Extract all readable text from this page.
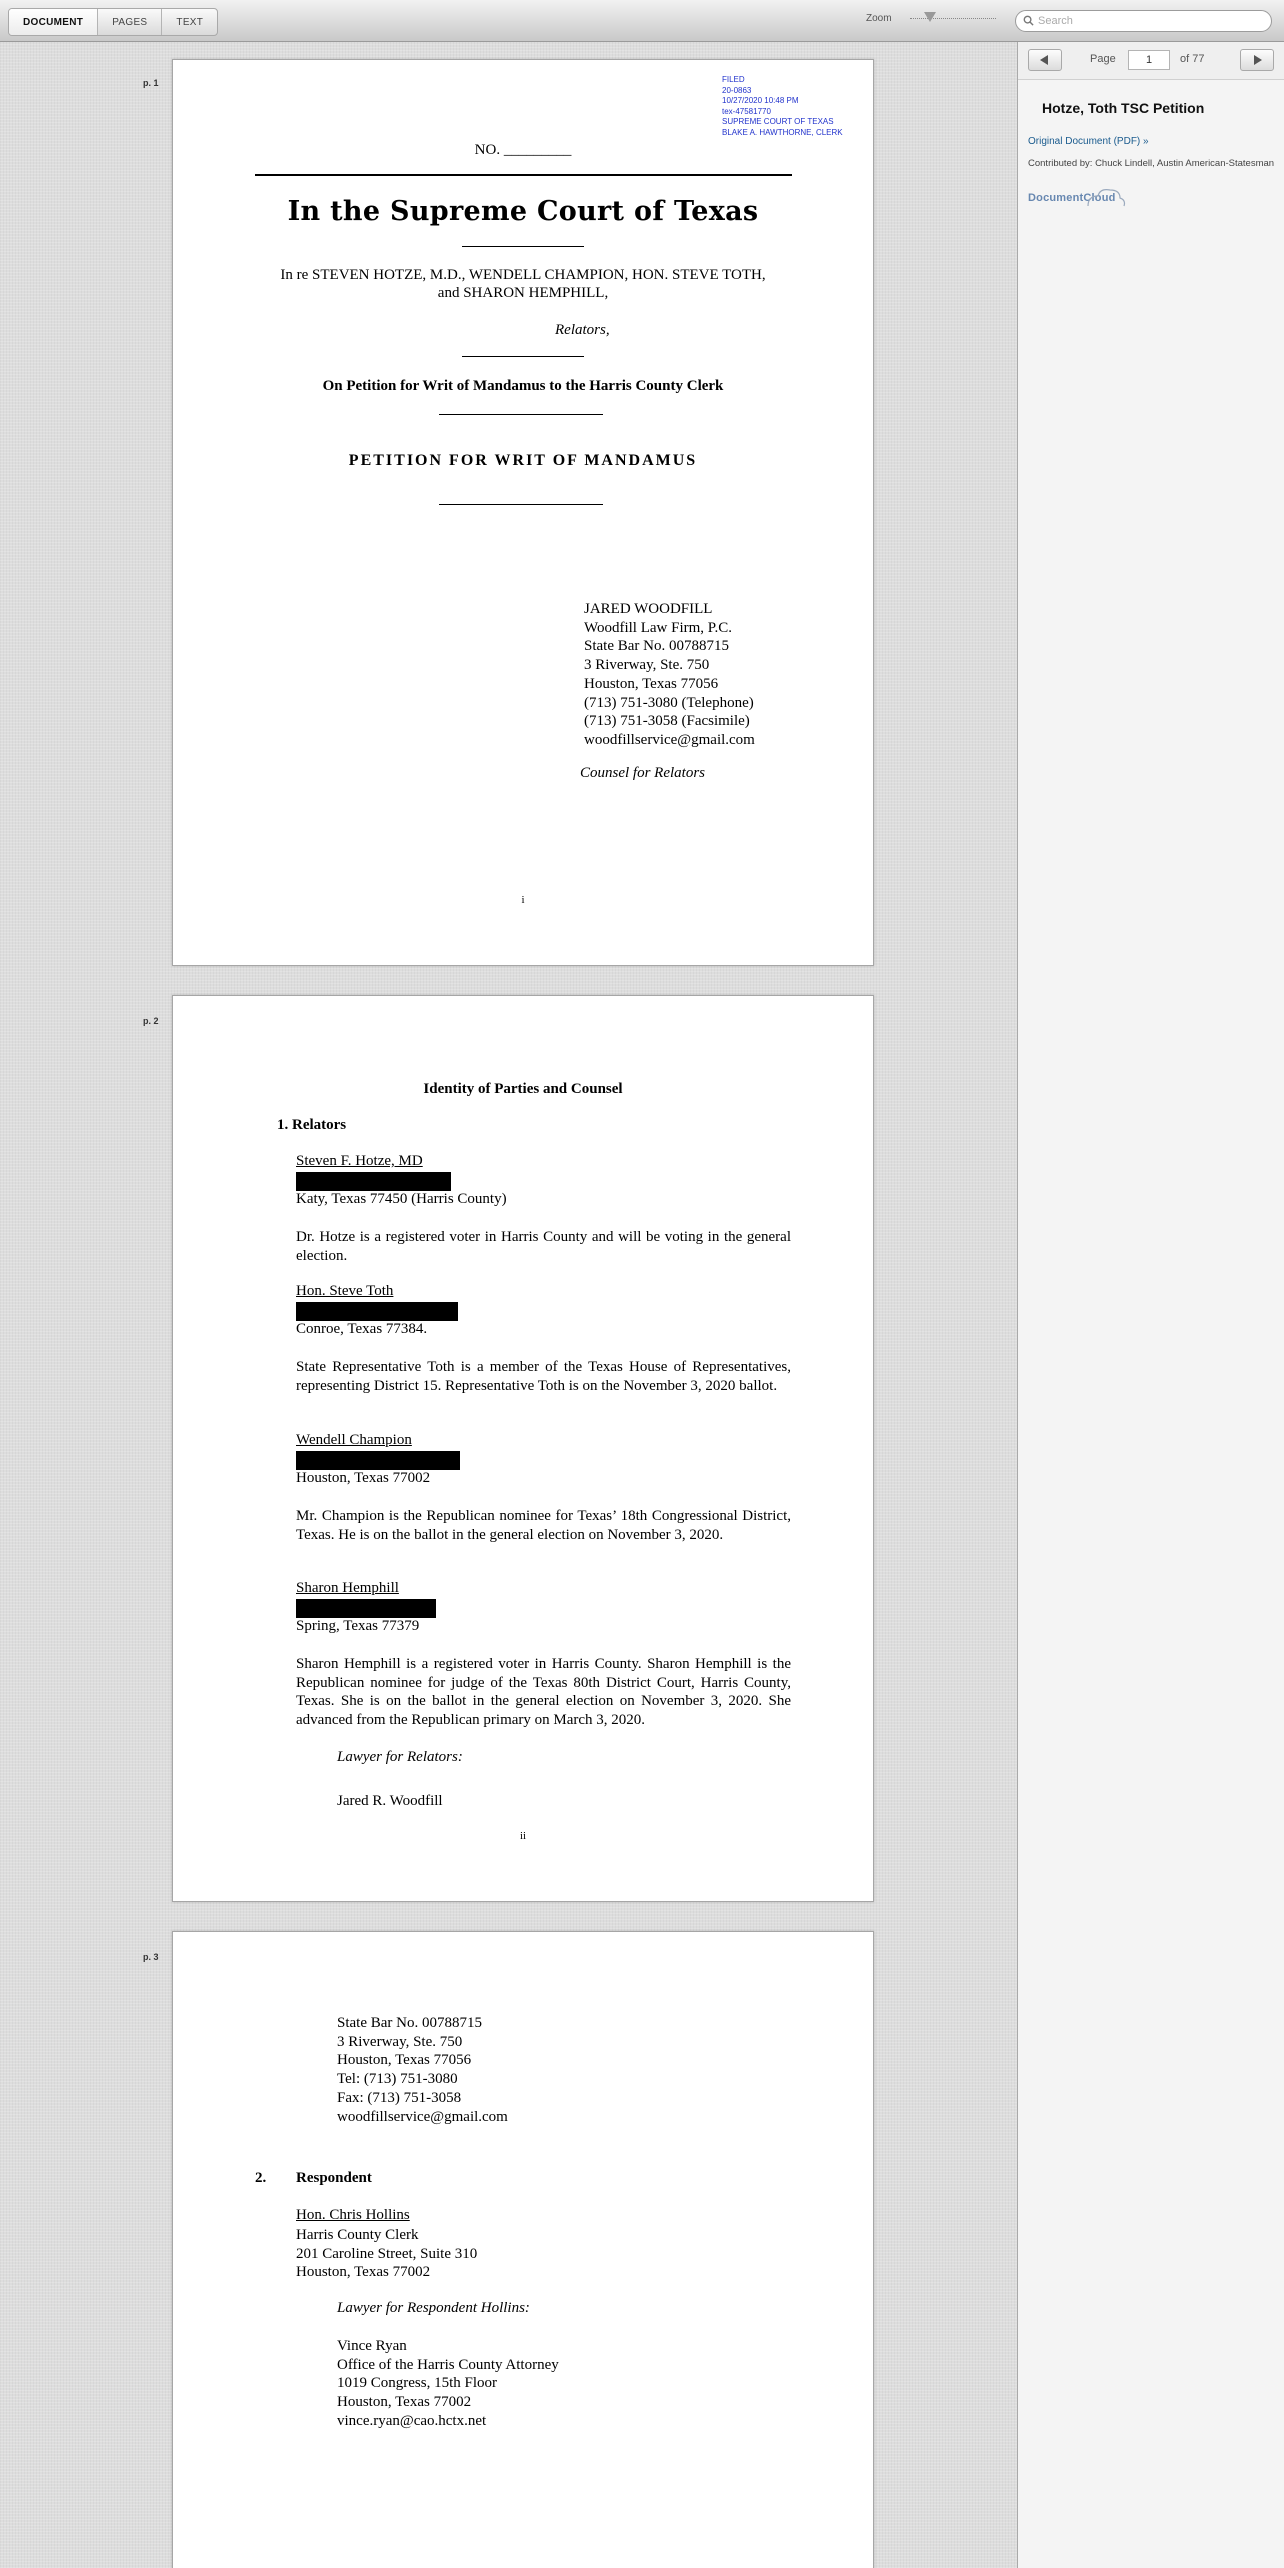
DOCUMENT	PAGES	TEXT	Zoom
Search
p. 1	FILED
20-0863
10/27/2020 10:48 PM
tex-47581770
SUPREME COURT OF TEXAS
BLAKE A. HAWTHORNE, CLERK
NO. _________
In the Supreme Court of Texas
In re STEVEN HOTZE, M.D., WENDELL CHAMPION, HON. STEVE TOTH,
and SHARON HEMPHILL,
Relators,
On Petition for Writ of Mandamus to the Harris County Clerk
PETITION FOR WRIT OF MANDAMUS
JARED WOODFILL
Woodfill Law Firm, P.C.
State Bar No. 00788715
3 Riverway, Ste. 750
Houston, Texas 77056
(713) 751-3080 (Telephone)
(713) 751-3058 (Facsimile)
woodfillservice@gmail.com
Counsel for Relators
i
p. 2
Identity of Parties and Counsel
1. Relators
Steven F. Hotze, MD
Katy, Texas 77450 (Harris County)
Dr. Hotze is a registered voter in Harris County and will be voting in the general election.
Hon. Steve Toth
Conroe, Texas 77384.
State Representative Toth is a member of the Texas House of Representatives, representing District 15. Representative Toth is on the November 3, 2020 ballot.
Wendell Champion
Houston, Texas 77002
Mr. Champion is the Republican nominee for Texas’ 18th Congressional District, Texas. He is on the ballot in the general election on November 3, 2020.
Sharon Hemphill
Spring, Texas 77379
Sharon Hemphill is a registered voter in Harris County. Sharon Hemphill is the Republican nominee for judge of the Texas 80th District Court, Harris County, Texas. She is on the ballot in the general election on November 3, 2020. She advanced from the Republican primary on March 3, 2020.
Lawyer for Relators:
Jared R. Woodfill
ii
p. 3
State Bar No. 00788715
3 Riverway, Ste. 750
Houston, Texas 77056
Tel: (713) 751-3080
Fax: (713) 751-3058
woodfillservice@gmail.com
2. Respondent
Hon. Chris Hollins
Harris County Clerk
201 Caroline Street, Suite 310
Houston, Texas 77002
Lawyer for Respondent Hollins:
Vince Ryan
Office of the Harris County Attorney
1019 Congress, 15th Floor
Houston, Texas 77002
vince.ryan@cao.hctx.net
Page	1	of 77
Hotze, Toth TSC Petition
Original Document (PDF) »
Contributed by: Chuck Lindell, Austin American-Statesman
DocumentCloud
